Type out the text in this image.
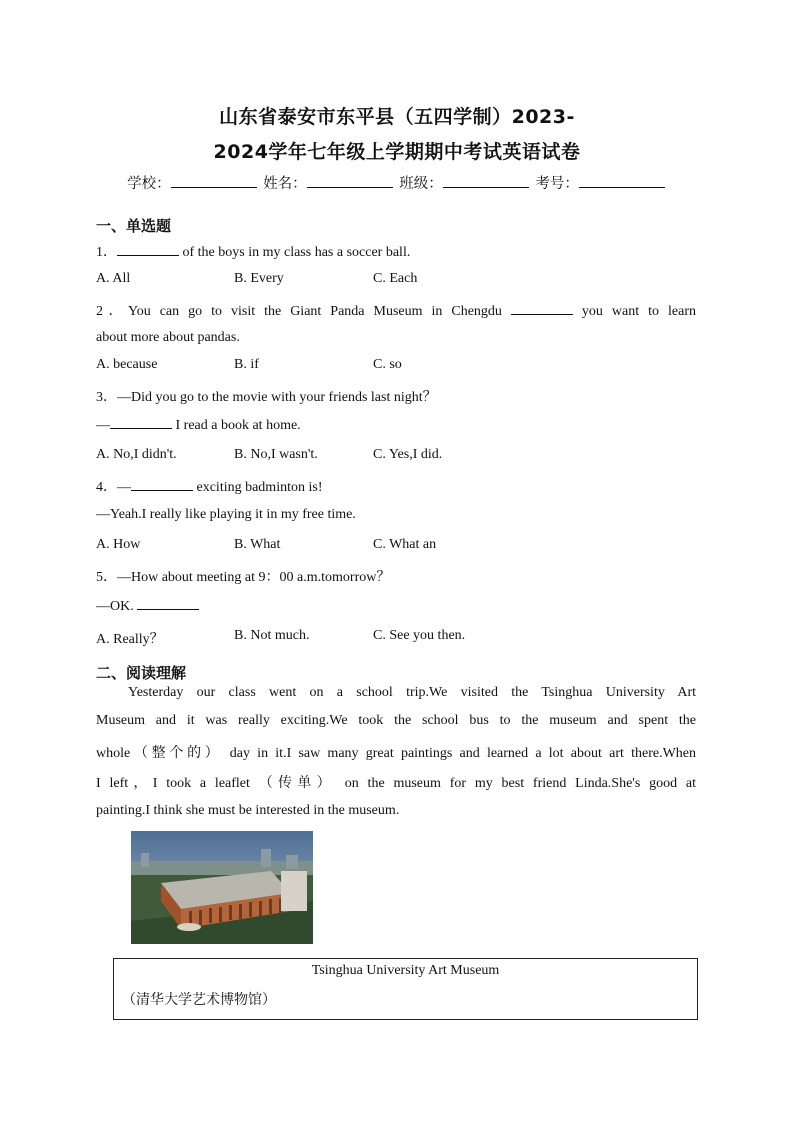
山东省泰安市东平县（五四学制）2023-
2024学年七年级上学期期中考试英语试卷
学校：	姓名：	班级：	考号：
一、单选题
1．	of the boys in my class has a soccer ball.
A. All	B. Every	C. Each
2．You can go to visit the Giant Panda Museum in Chengdu	you want to learn
about more about pandas.
A. because	B. if	C. so
3．—Did you go to the movie with your friends last night？
—	I read a book at home.
A. No,I didn't.	B. No,I wasn't.	C. Yes,I did.
4．—	exciting badminton is!
—Yeah.I really like playing it in my free time.
A. How	B. What	C. What an
5．—How about meeting at 9：00 a.m.tomorrow？
—OK.
A. Really？	B. Not much.	C. See you then.
二、阅读理解
Yesterday our class went on a school trip.We visited the Tsinghua University Art
Museum and it was really exciting.We took the school bus to the museum and spent the
whole（整个的） day in it.I saw many great paintings and learned a lot about art there.When
I left，I took a leaflet （传单） on the museum for my best friend Linda.She's good at
painting.I think she must be interested in the museum.
Tsinghua University Art Museum
（清华大学艺术博物馆）
